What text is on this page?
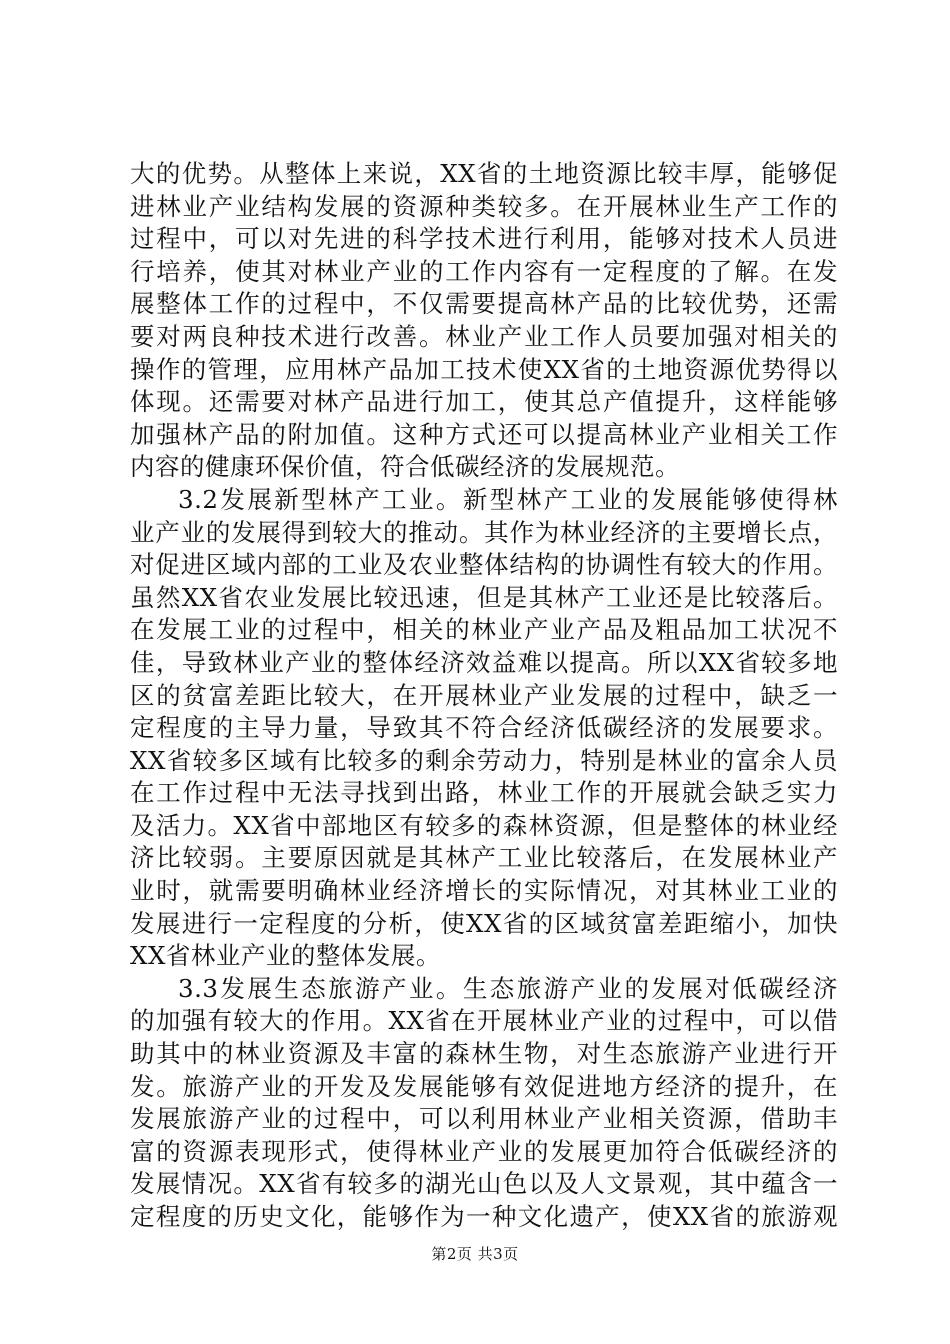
大的优势。从整体上来说，XX省的土地资源比较丰厚，能够促
进林业产业结构发展的资源种类较多。在开展林业生产工作的
过程中，可以对先进的科学技术进行利用，能够对技术人员进
行培养，使其对林业产业的工作内容有一定程度的了解。在发
展整体工作的过程中，不仅需要提高林产品的比较优势，还需
要对两良种技术进行改善。林业产业工作人员要加强对相关的
操作的管理，应用林产品加工技术使XX省的土地资源优势得以
体现。还需要对林产品进行加工，使其总产值提升，这样能够
加强林产品的附加值。这种方式还可以提高林业产业相关工作
内容的健康环保价值，符合低碳经济的发展规范。
3.2发展新型林产工业。新型林产工业的发展能够使得林
业产业的发展得到较大的推动。其作为林业经济的主要增长点，
对促进区域内部的工业及农业整体结构的协调性有较大的作用。
虽然XX省农业发展比较迅速，但是其林产工业还是比较落后。
在发展工业的过程中，相关的林业产业产品及粗品加工状况不
佳，导致林业产业的整体经济效益难以提高。所以XX省较多地
区的贫富差距比较大，在开展林业产业发展的过程中，缺乏一
定程度的主导力量，导致其不符合经济低碳经济的发展要求。
XX省较多区域有比较多的剩余劳动力，特别是林业的富余人员
在工作过程中无法寻找到出路，林业工作的开展就会缺乏实力
及活力。XX省中部地区有较多的森林资源，但是整体的林业经
济比较弱。主要原因就是其林产工业比较落后，在发展林业产
业时，就需要明确林业经济增长的实际情况，对其林业工业的
发展进行一定程度的分析，使XX省的区域贫富差距缩小，加快
XX省林业产业的整体发展。
3.3发展生态旅游产业。生态旅游产业的发展对低碳经济
的加强有较大的作用。XX省在开展林业产业的过程中，可以借
助其中的林业资源及丰富的森林生物，对生态旅游产业进行开
发。旅游产业的开发及发展能够有效促进地方经济的提升，在
发展旅游产业的过程中，可以利用林业产业相关资源，借助丰
富的资源表现形式，使得林业产业的发展更加符合低碳经济的
发展情况。XX省有较多的湖光山色以及人文景观，其中蕴含一
定程度的历史文化，能够作为一种文化遗产，使XX省的旅游观
第2页 共3页
